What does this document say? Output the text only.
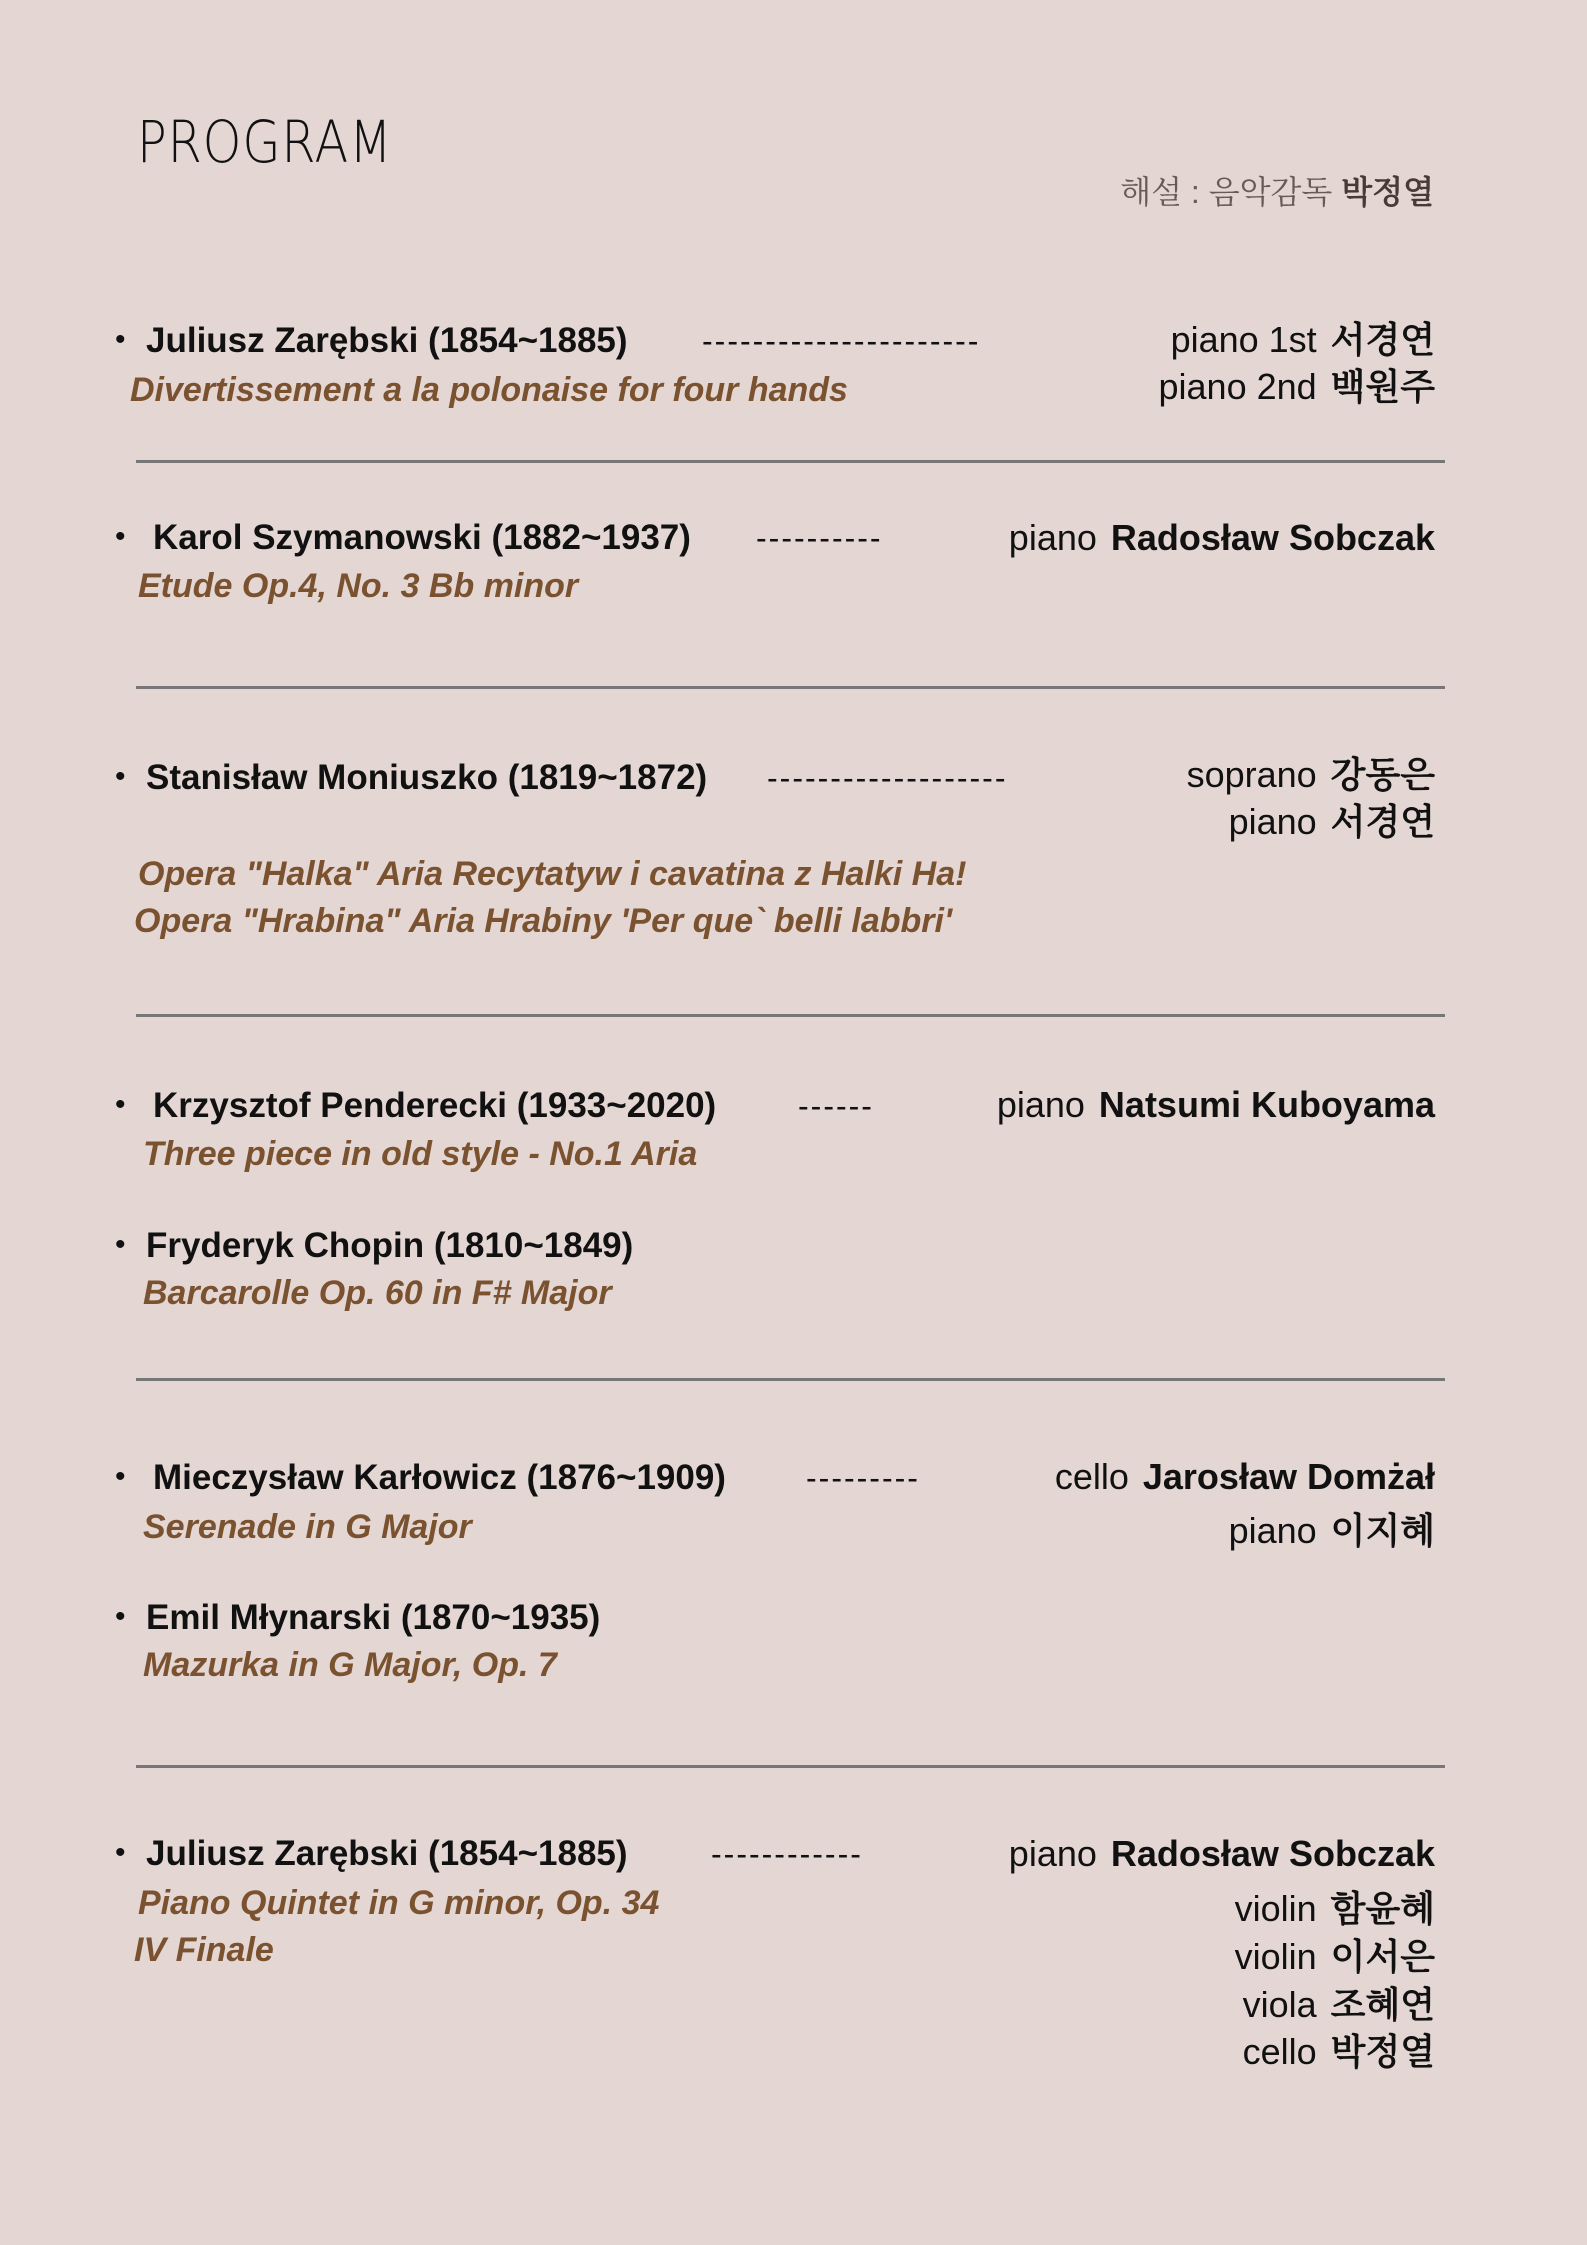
PROGRAM
해설 : 음악감독 박정열
• Juliusz Zarębski (1854~1885) ----------------------
Divertissement a la polonaise for four hands
piano 1st 서경연
piano 2nd 백원주
• Karol Szymanowski (1882~1937) ----------
Etude Op.4, No. 3 Bb minor
piano Radosław Sobczak
• Stanisław Moniuszko (1819~1872) -------------------
Opera "Halka" Aria Recytatyw i cavatina z Halki Ha!
Opera "Hrabina" Aria Hrabiny 'Per que` belli labbri'
soprano 강동은
piano 서경연
• Krzysztof Penderecki (1933~2020)	------
Three piece in old style - No.1 Aria
piano Natsumi Kuboyama
• Fryderyk Chopin (1810~1849)
Barcarolle Op. 60 in F# Major
• Mieczysław Karłowicz (1876~1909)	---------
Serenade in G Major
cello Jarosław Domżał
piano 이지혜
• Emil Młynarski (1870~1935)
Mazurka in G Major, Op. 7
• Juliusz Zarębski (1854~1885)	------------
Piano Quintet in G minor, Op. 34
IV Finale
piano Radosław Sobczak
violin 함윤혜
violin 이서은
viola 조혜연
cello 박정열
